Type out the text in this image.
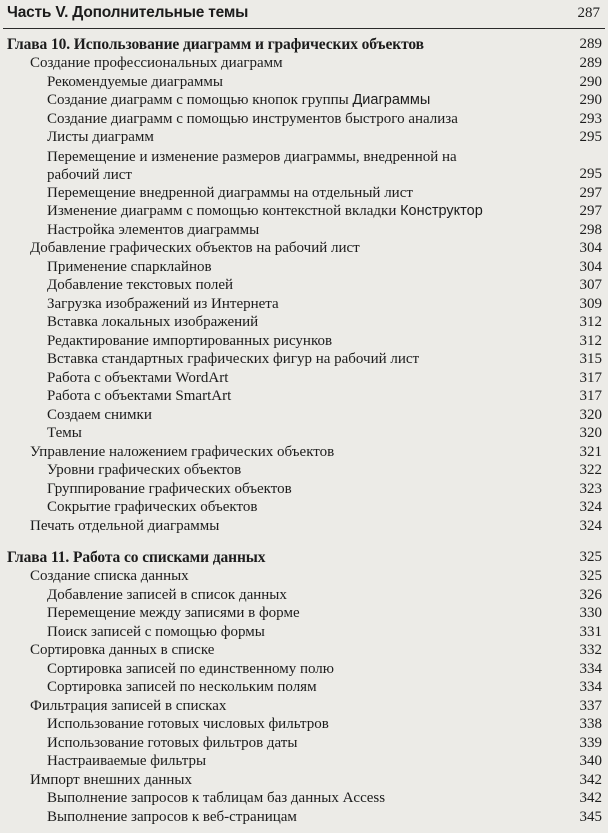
Часть V. Дополнительные темы	287
Глава 10. Использование диаграмм и графических объектов	289
Создание профессиональных диаграмм	289
Рекомендуемые диаграммы	290
Создание диаграмм с помощью кнопок группы Диаграммы	290
Создание диаграмм с помощью инструментов быстрого анализа	293
Листы диаграмм	295
Перемещение и изменение размеров диаграммы, внедренной на рабочий лист	295
Перемещение внедренной диаграммы на отдельный лист	297
Изменение диаграмм с помощью контекстной вкладки Конструктор	297
Настройка элементов диаграммы	298
Добавление графических объектов на рабочий лист	304
Применение спарклайнов	304
Добавление текстовых полей	307
Загрузка изображений из Интернета	309
Вставка локальных изображений	312
Редактирование импортированных рисунков	312
Вставка стандартных графических фигур на рабочий лист	315
Работа с объектами WordArt	317
Работа с объектами SmartArt	317
Создаем снимки	320
Темы	320
Управление наложением графических объектов	321
Уровни графических объектов	322
Группирование графических объектов	323
Сокрытие графических объектов	324
Печать отдельной диаграммы	324
Глава 11. Работа со списками данных	325
Создание списка данных	325
Добавление записей в список данных	326
Перемещение между записями в форме	330
Поиск записей с помощью формы	331
Сортировка данных в списке	332
Сортировка записей по единственному полю	334
Сортировка записей по нескольким полям	334
Фильтрация записей в списках	337
Использование готовых числовых фильтров	338
Использование готовых фильтров даты	339
Настраиваемые фильтры	340
Импорт внешних данных	342
Выполнение запросов к таблицам баз данных Access	342
Выполнение запросов к веб-страницам	345
